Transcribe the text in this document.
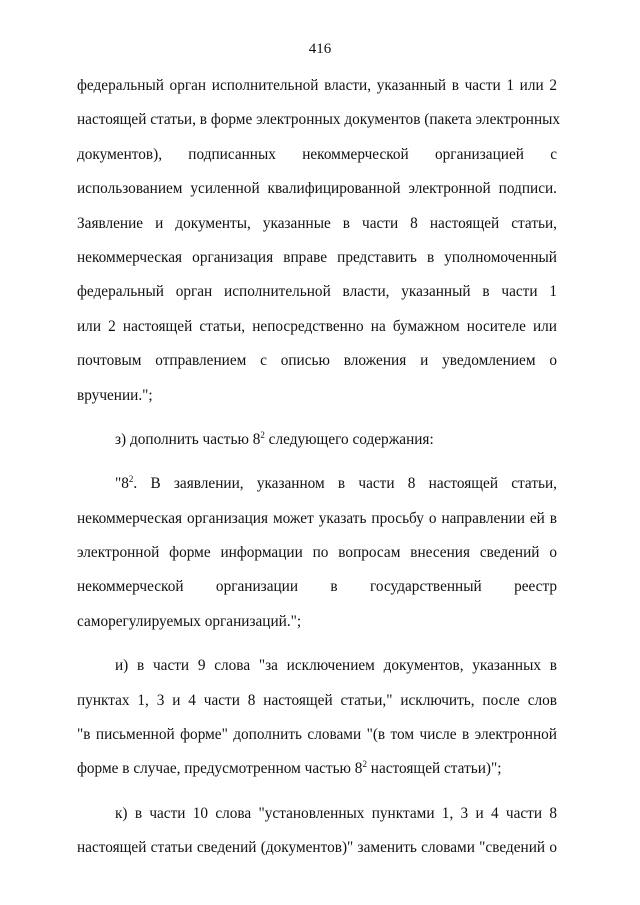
416
федеральный орган исполнительной власти, указанный в части 1 или 2
настоящей статьи, в форме электронных документов (пакета электронных
документов), подписанных некоммерческой организацией с
использованием усиленной квалифицированной электронной подписи.
Заявление и документы, указанные в части 8 настоящей статьи,
некоммерческая организация вправе представить в уполномоченный
федеральный орган исполнительной власти, указанный в части 1
или 2 настоящей статьи, непосредственно на бумажном носителе или
почтовым отправлением с описью вложения и уведомлением о
вручении.";
з) дополнить частью $8^2$ следующего содержания:
"$8^2$. В заявлении, указанном в части 8 настоящей статьи,
некоммерческая организация может указать просьбу о направлении ей в
электронной форме информации по вопросам внесения сведений о
некоммерческой организации в государственный реестр
саморегулируемых организаций.";
и) в части 9 слова "за исключением документов, указанных в
пунктах 1, 3 и 4 части 8 настоящей статьи," исключить, после слов
"в письменной форме" дополнить словами "(в том числе в электронной
форме в случае, предусмотренном частью $8^2$ настоящей статьи)";
к) в части 10 слова "установленных пунктами 1, 3 и 4 части 8
настоящей статьи сведений (документов)" заменить словами "сведений о
